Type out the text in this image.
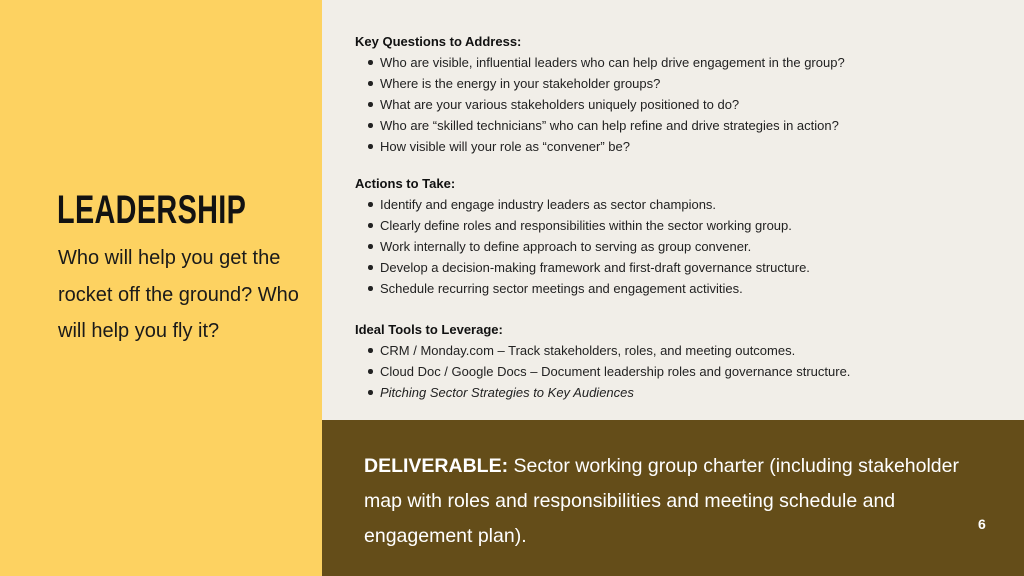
LEADERSHIP
Who will help you get the rocket off the ground? Who will help you fly it?
Key Questions to Address:
Who are visible, influential leaders who can help drive engagement in the group?
Where is the energy in your stakeholder groups?
What are your various stakeholders uniquely positioned to do?
Who are “skilled technicians” who can help refine and drive strategies in action?
How visible will your role as “convener” be?
Actions to Take:
Identify and engage industry leaders as sector champions.
Clearly define roles and responsibilities within the sector working group.
Work internally to define approach to serving as group convener.
Develop a decision-making framework and first-draft governance structure.
Schedule recurring sector meetings and engagement activities.
Ideal Tools to Leverage:
CRM / Monday.com – Track stakeholders, roles, and meeting outcomes.
Cloud Doc / Google Docs – Document leadership roles and governance structure.
Pitching Sector Strategies to Key Audiences
DELIVERABLE: Sector working group charter (including stakeholder map with roles and responsibilities and meeting schedule and engagement plan).
6
